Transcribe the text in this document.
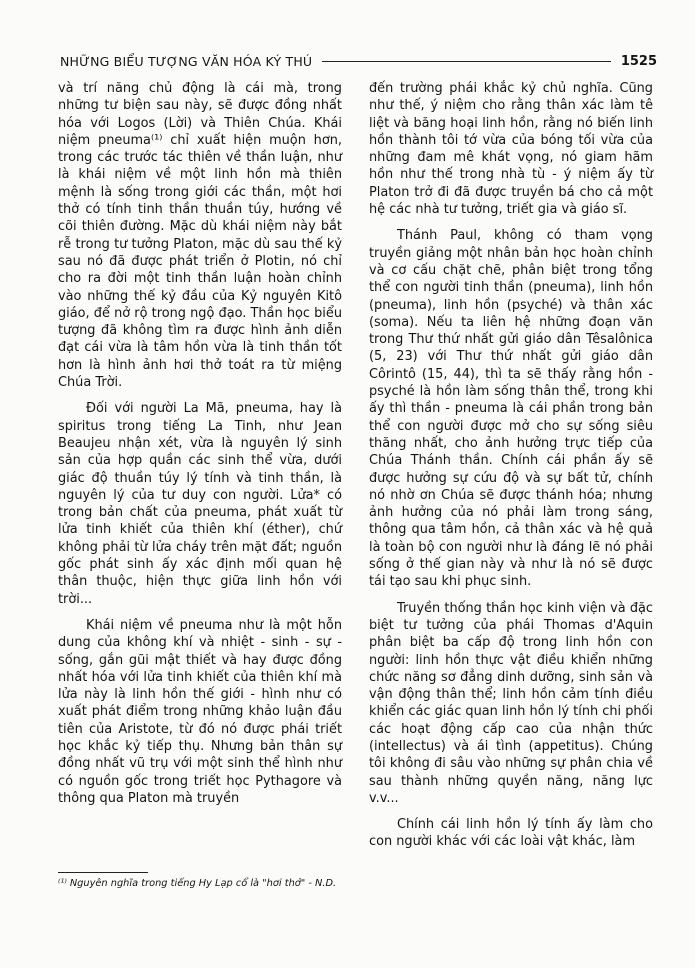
NHỮNG BIỂU TƯỢNG VĂN HÓA KÝ THÚ	1525

và trí năng chủ động là cái mà, trong những tư biện sau này, sẽ được đồng nhất hóa với Logos (Lời) và Thiên Chúa. Khái niệm pneuma⁽¹⁾ chỉ xuất hiện muộn hơn, trong các trước tác thiên về thần luận, như là khái niệm về một linh hồn mà thiên mệnh là sống trong giới các thần, một hơi thở có tính tinh thần thuần túy, hướng về cõi thiên đường. Mặc dù khái niệm này bắt rễ trong tư tưởng Platon, mặc dù sau thế kỷ sau nó đã được phát triển ở Plotin, nó chỉ cho ra đời một tinh thần luận hoàn chỉnh vào những thế kỷ đầu của Kỷ nguyên Kitô giáo, để nở rộ trong ngộ đạo. Thần học biểu tượng đã không tìm ra được hình ảnh diễn đạt cái vừa là tâm hồn vừa là tinh thần tốt hơn là hình ảnh hơi thở toát ra từ miệng Chúa Trời.

Đối với người La Mã, pneuma, hay là spiritus trong tiếng La Tinh, như Jean Beaujeu nhận xét, vừa là nguyên lý sinh sản của hợp quần các sinh thể vừa, dưới giác độ thuần túy lý tính và tinh thần, là nguyên lý của tư duy con người. Lửa* có trong bản chất của pneuma, phát xuất từ lửa tinh khiết của thiên khí (éther), chứ không phải từ lửa cháy trên mặt đất; nguồn gốc phát sinh ấy xác định mối quan hệ thân thuộc, hiện thực giữa linh hồn với trời...

Khái niệm về pneuma như là một hỗn dung của không khí và nhiệt - sinh - sự - sống, gắn gũi mật thiết và hay được đồng nhất hóa với lửa tinh khiết của thiên khí mà lửa này là linh hồn thế giới - hình như có xuất phát điểm trong những khảo luận đầu tiên của Aristote, từ đó nó được phái triết học khắc kỷ tiếp thụ. Nhưng bản thân sự đồng nhất vũ trụ với một sinh thể hình như có nguồn gốc trong triết học Pythagore và thông qua Platon mà truyền

đến trường phái khắc kỷ chủ nghĩa. Cũng như thế, ý niệm cho rằng thân xác làm tê liệt và băng hoại linh hồn, rằng nó biến linh hồn thành tôi tớ vừa của bóng tối vừa của những đam mê khát vọng, nó giam hãm hồn như thế trong nhà tù - ý niệm ấy từ Platon trở đi đã được truyền bá cho cả một hệ các nhà tư tưởng, triết gia và giáo sĩ.

Thánh Paul, không có tham vọng truyền giảng một nhân bản học hoàn chỉnh và cơ cấu chặt chẽ, phân biệt trong tổng thể con người tinh thần (pneuma), linh hồn (pneuma), linh hồn (psyché) và thân xác (soma). Nếu ta liên hệ những đoạn văn trong Thư thứ nhất gửi giáo dân Têsalônica (5, 23) với Thư thứ nhất gửi giáo dân Côrintô (15, 44), thì ta sẽ thấy rằng hồn - psyché là hồn làm sống thân thể, trong khi ấy thì thần - pneuma là cái phần trong bản thể con người được mở cho sự sống siêu thăng nhất, cho ảnh hưởng trực tiếp của Chúa Thánh thần. Chính cái phần ấy sẽ được hưởng sự cứu độ và sự bất tử, chính nó nhờ ơn Chúa sẽ được thánh hóa; nhưng ảnh hưởng của nó phải làm trong sáng, thông qua tâm hồn, cả thân xác và hệ quả là toàn bộ con người như là đáng lẽ nó phải sống ở thế gian này và như là nó sẽ được tái tạo sau khi phục sinh.

Truyền thống thần học kinh viện và đặc biệt tư tưởng của phái Thomas d'Aquin phân biệt ba cấp độ trong linh hồn con người: linh hồn thực vật điều khiển những chức năng sơ đẳng dinh dưỡng, sinh sản và vận động thân thể; linh hồn cảm tính điều khiển các giác quan linh hồn lý tính chi phối các hoạt động cấp cao của nhận thức (intellectus) và ái tình (appetitus). Chúng tôi không đi sâu vào những sự phân chia về sau thành những quyền năng, năng lực v.v...

Chính cái linh hồn lý tính ấy làm cho con người khác với các loài vật khác, làm

⁽¹⁾ Nguyên nghĩa trong tiếng Hy Lạp cổ là "hơi thở" - N.D.
